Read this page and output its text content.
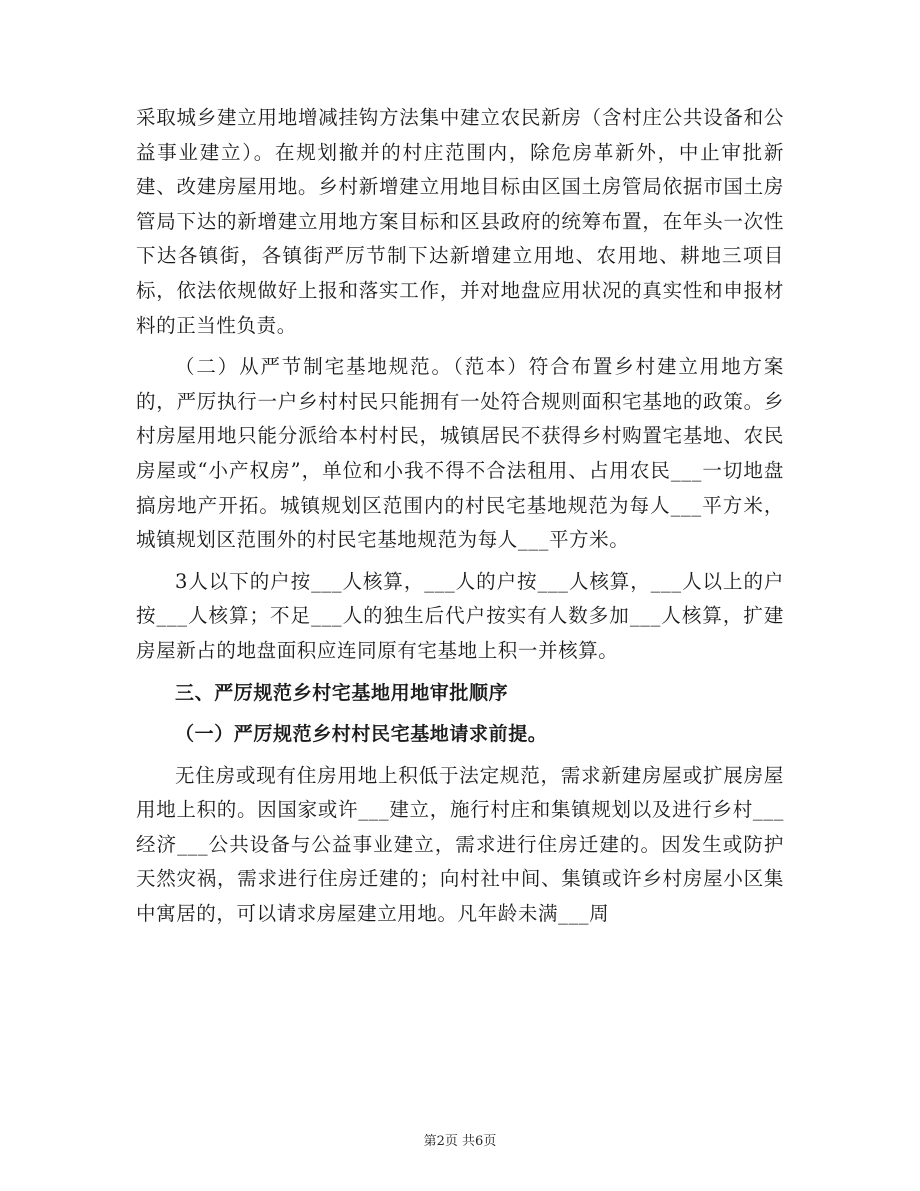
采取城乡建立用地增减挂钩方法集中建立农民新房（含村庄公共设备和公益事业建立）。在规划撤并的村庄范围内，除危房革新外，中止审批新建、改建房屋用地。乡村新增建立用地目标由区国土房管局依据市国土房管局下达的新增建立用地方案目标和区县政府的统筹布置，在年头一次性下达各镇街，各镇街严厉节制下达新增建立用地、农用地、耕地三项目标，依法依规做好上报和落实工作，并对地盘应用状况的真实性和申报材料的正当性负责。

（二）从严节制宅基地规范。（范本）符合布置乡村建立用地方案的，严厉执行一户乡村村民只能拥有一处符合规则面积宅基地的政策。乡村房屋用地只能分派给本村村民，城镇居民不获得乡村购置宅基地、农民房屋或“小产权房”，单位和小我不得不合法租用、占用农民___一切地盘搞房地产开拓。城镇规划区范围内的村民宅基地规范为每人___平方米，城镇规划区范围外的村民宅基地规范为每人___平方米。

3人以下的户按___人核算，___人的户按___人核算，___人以上的户按___人核算；不足___人的独生后代户按实有人数多加___人核算，扩建房屋新占的地盘面积应连同原有宅基地上积一并核算。

三、严厉规范乡村宅基地用地审批顺序

（一）严厉规范乡村村民宅基地请求前提。

无住房或现有住房用地上积低于法定规范，需求新建房屋或扩展房屋用地上积的。因国家或许___建立，施行村庄和集镇规划以及进行乡村___经济___公共设备与公益事业建立，需求进行住房迁建的。因发生或防护天然灾祸，需求进行住房迁建的；向村社中间、集镇或许乡村房屋小区集中寓居的，可以请求房屋建立用地。凡年龄未满___周

第2页 共6页
